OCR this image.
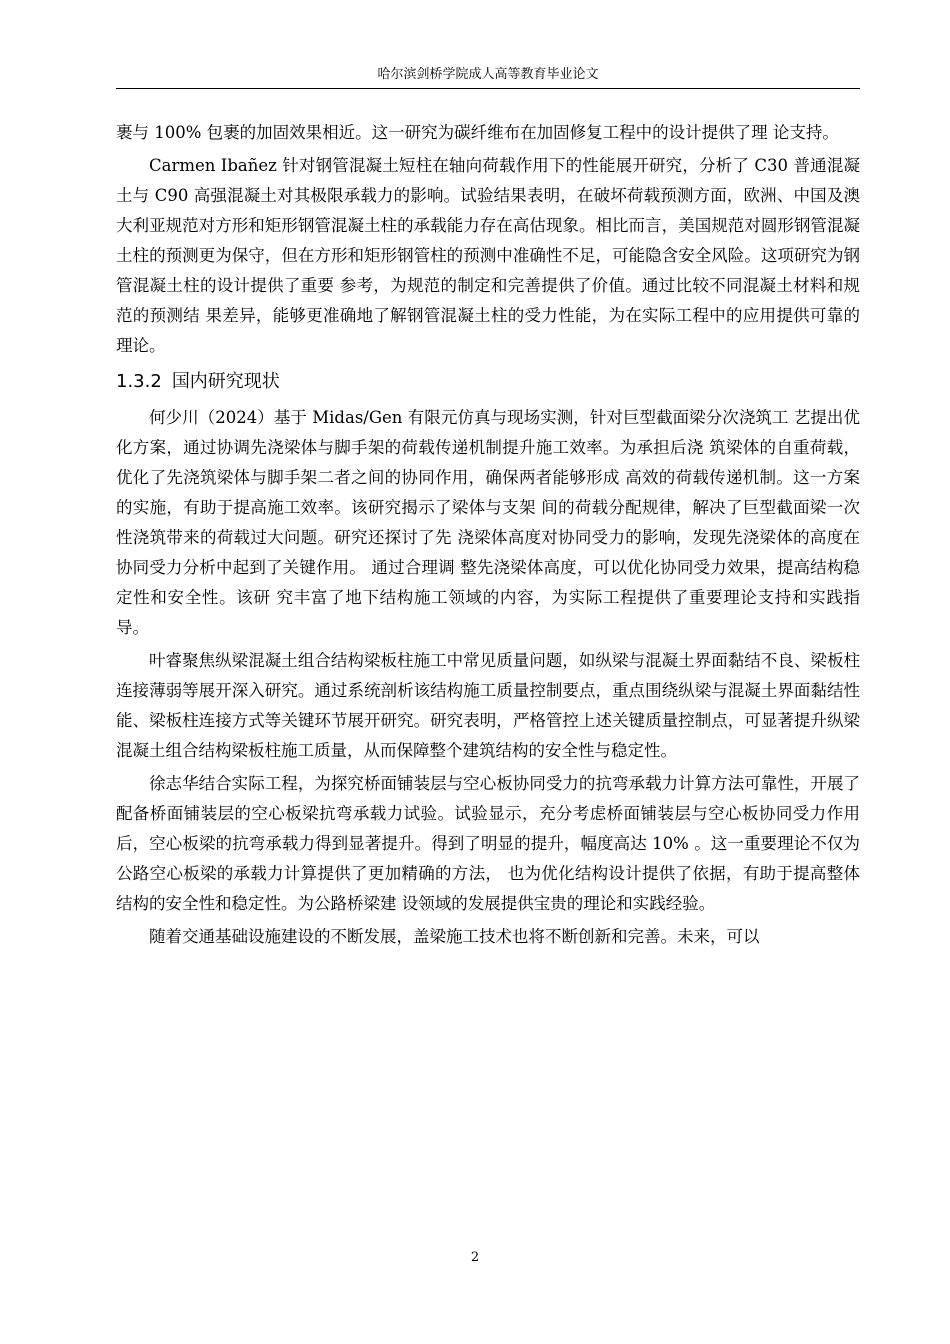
哈尔滨剑桥学院成人高等教育毕业论文

裹与 100% 包裹的加固效果相近。这一研究为碳纤维布在加固修复工程中的设计提供了理 论支持。

Carmen Ibañez 针对钢管混凝土短柱在轴向荷载作用下的性能展开研究，分析了 C30 普通混凝土与 C90 高强混凝土对其极限承载力的影响。试验结果表明，在破坏荷载预测方面，欧洲、中国及澳大利亚规范对方形和矩形钢管混凝土柱的承载能力存在高估现象。相比而言，美国规范对圆形钢管混凝土柱的预测更为保守，但在方形和矩形钢管柱的预测中准确性不足，可能隐含安全风险。这项研究为钢管混凝土柱的设计提供了重要 参考，为规范的制定和完善提供了价值。通过比较不同混凝土材料和规范的预测结 果差异，能够更准确地了解钢管混凝土柱的受力性能，为在实际工程中的应用提供可靠的理论。

1.3.2 国内研究现状

何少川（2024）基于 Midas/Gen 有限元仿真与现场实测，针对巨型截面梁分次浇筑工 艺提出优化方案，通过协调先浇梁体与脚手架的荷载传递机制提升施工效率。为承担后浇 筑梁体的自重荷载，优化了先浇筑梁体与脚手架二者之间的协同作用，确保两者能够形成 高效的荷载传递机制。这一方案的实施，有助于提高施工效率。该研究揭示了梁体与支架 间的荷载分配规律，解决了巨型截面梁一次性浇筑带来的荷载过大问题。研究还探讨了先 浇梁体高度对协同受力的影响，发现先浇梁体的高度在协同受力分析中起到了关键作用。 通过合理调 整先浇梁体高度，可以优化协同受力效果，提高结构稳定性和安全性。该研 究丰富了地下结构施工领域的内容，为实际工程提供了重要理论支持和实践指导。

叶睿聚焦纵梁混凝土组合结构梁板柱施工中常见质量问题，如纵梁与混凝土界面黏结不良、梁板柱连接薄弱等展开深入研究。通过系统剖析该结构施工质量控制要点，重点围绕纵梁与混凝土界面黏结性能、梁板柱连接方式等关键环节展开研究。研究表明，严格管控上述关键质量控制点，可显著提升纵梁混凝土组合结构梁板柱施工质量，从而保障整个建筑结构的安全性与稳定性。

徐志华结合实际工程，为探究桥面铺装层与空心板协同受力的抗弯承载力计算方法可靠性，开展了配备桥面铺装层的空心板梁抗弯承载力试验。试验显示，充分考虑桥面铺装层与空心板协同受力作用后，空心板梁的抗弯承载力得到显著提升。得到了明显的提升，幅度高达 10% 。这一重要理论不仅为公路空心板梁的承载力计算提供了更加精确的方法， 也为优化结构设计提供了依据，有助于提高整体 结构的安全性和稳定性。为公路桥梁建 设领域的发展提供宝贵的理论和实践经验。

随着交通基础设施建设的不断发展，盖梁施工技术也将不断创新和完善。未来，可以

2
